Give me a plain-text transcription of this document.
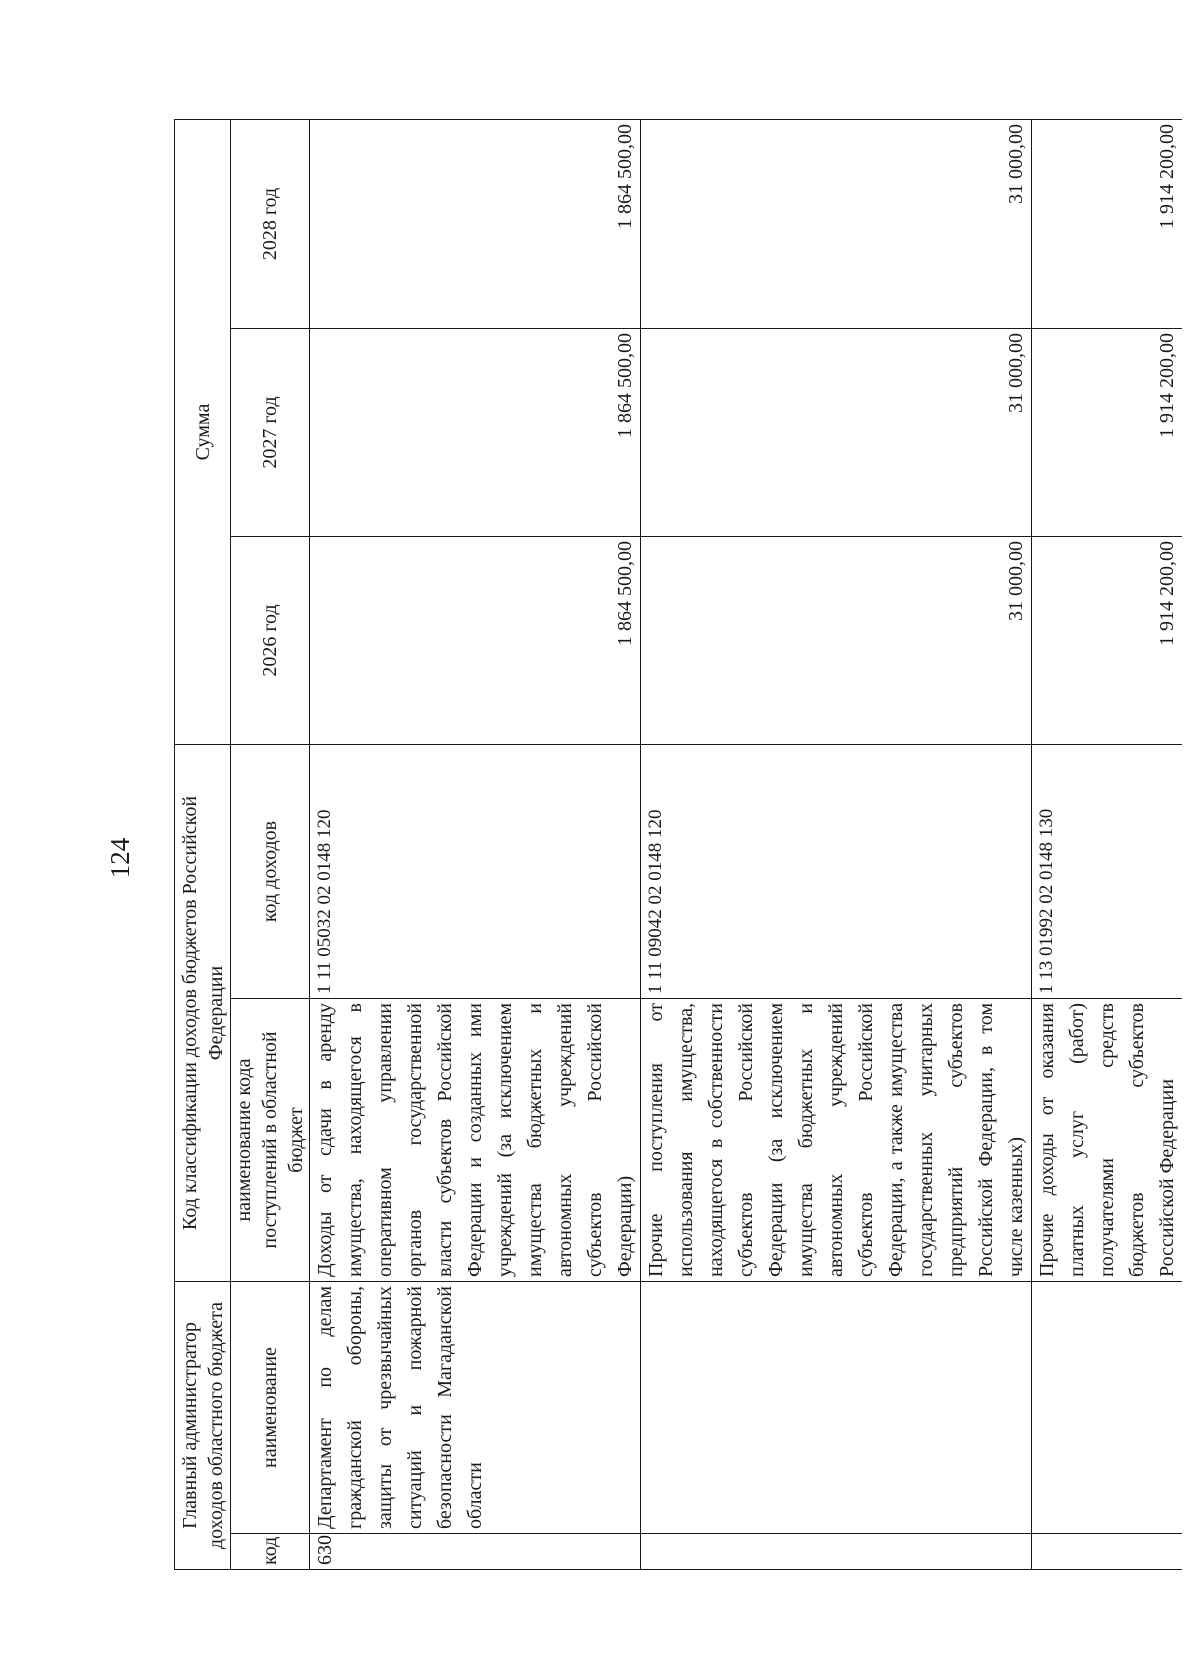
124
Главный администратор доходов областного бюджета		Код классификации доходов бюджетов Российской Федерации		Сумма		
код	наименование	наименование кода поступлений в областной бюджет	код доходов	2026 год	2027 год	2028 год
630	Департамент по делам гражданской обороны, защиты от чрезвычайных ситуаций и пожарной безопасности Магаданской области	Доходы от сдачи в аренду имущества, находящегося в оперативном управлении органов государственной власти субъектов Российской Федерации и созданных ими учреждений (за исключением имущества бюджетных и автономных учреждений субъектов Российской Федерации)	1 11 05032 02 0148 120	1 864 500,00	1 864 500,00	1 864 500,00
		Прочие поступления от использования имущества, находящегося в собственности субъектов Российской Федерации (за исключением имущества бюджетных и автономных учреждений субъектов Российской Федерации, а также имущества государственных унитарных предприятий субъектов Российской Федерации, в том числе казенных)	1 11 09042 02 0148 120	31 000,00	31 000,00	31 000,00
		Прочие доходы от оказания платных услуг (работ) получателями средств бюджетов субъектов Российской Федерации	1 13 01992 02 0148 130	1 914 200,00	1 914 200,00	1 914 200,00
